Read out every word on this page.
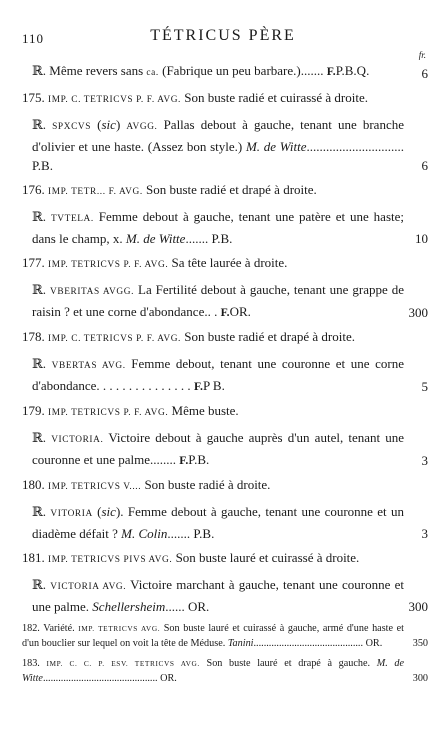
110	TÉTRICUS PÈRE
fr.
ℝ. Même revers sans ca. (Fabrique un peu barbare.)....... F.P.B.Q.	6
175. IMP. C. TETRICVS P. F. AVG. Son buste radié et cuirassé à droite.
ℝ. SPXCVS (sic) AVGG. Pallas debout à gauche, tenant une branche d'olivier et une haste. (Assez bon style.) M. de Witte.............................. P.B.	6
176. IMP. TETR... F. AVG. Son buste radié et drapé à droite.
ℝ. TVTELA. Femme debout à gauche, tenant une patère et une haste; dans le champ, x. M. de Witte....... P.B.	10
177. IMP. TETRICVS P. F. AVG. Sa tête laurée à droite.
ℝ. VBERITAS AVGG. La Fertilité debout à gauche, tenant une grappe de raisin ? et une corne d'abondance.. . F.OR.	300
178. IMP. C. TETRICVS P. F. AVG. Son buste radié et drapé à droite.
ℝ. VBERTAS AVG. Femme debout, tenant une couronne et une corne d'abondance. . . . . . . . . . . . . . . F.P B.	5
179. IMP. TETRICVS P. F. AVG. Même buste.
ℝ. VICTORIA. Victoire debout à gauche auprès d'un autel, tenant une couronne et une palme........ F.P.B.	3
180. IMP. TETRICVS V.... Son buste radié à droite.
ℝ. VITORIA (sic). Femme debout à gauche, tenant une couronne et un diadème défait ? M. Colin....... P.B.	3
181. IMP. TETRICVS PIVS AVG. Son buste lauré et cuirassé à droite.
ℝ. VICTORIA AVG. Victoire marchant à gauche, tenant une couronne et une palme. Schellersheim...... OR.	300
182. Variété. IMP. TETRICVS AVG. Son buste lauré et cuirassé à gauche, armé d'une haste et d'un bouclier sur lequel on voit la tête de Méduse. Tanini........................................... OR.	350
183. IMP. C. C. P. ESV. TETRICVS AVG. Son buste lauré et drapé à gauche. M. de Witte............................................. OR.	300
